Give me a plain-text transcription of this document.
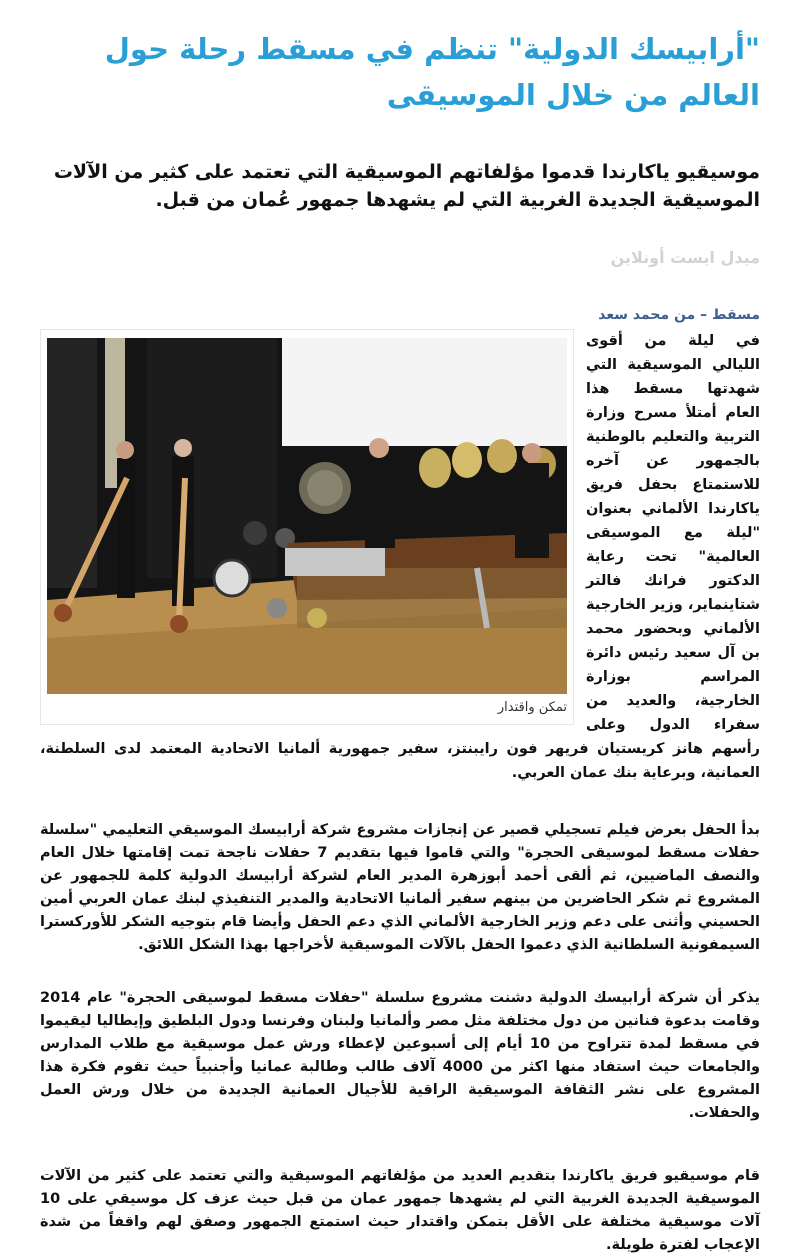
"أرابيسك الدولية" تنظم في مسقط رحلة حول العالم من خلال الموسيقى

موسيقيو ياكارندا قدموا مؤلفاتهم الموسيقية التي تعتمد على كثير من الآلات الموسيقية الجديدة الغربية التي لم يشهدها جمهور عُمان من قبل.

ميدل ايست أونلاين
مسقط – من محمد سعد
تمكن واقتدار

في ليلة من أقوى الليالي الموسيقية التي شهدتها مسقط هذا العام أمتلأ مسرح وزارة التربية والتعليم بالوطنية بالجمهور عن آخره للاستمتاع بحفل فريق ياكارندا الألماني بعنوان "ليلة مع الموسيقى العالمية" تحت رعاية الدكتور فرانك فالتر شتاينماير، وزير الخارجية الألماني وبحضور محمد بن آل سعيد رئيس دائرة المراسم بوزارة الخارجية، والعديد من سفراء الدول وعلى رأسهم هانز كريستيان فريهر فون رايبنتز، سفير جمهورية ألمانيا الاتحادية المعتمد لدى السلطنة، العمانية، وبرعاية بنك عمان العربي.

بدأ الحفل بعرض فيلم تسجيلي قصير عن إنجازات مشروع شركة أرابيسك الموسيقي التعليمي "سلسلة حفلات مسقط لموسيقى الحجرة" والتي قاموا فيها بتقديم 7 حفلات ناجحة تمت إقامتها خلال العام والنصف الماضيين، ثم ألقى أحمد أبوزهرة المدير العام لشركة أرابيسك الدولية كلمة للجمهور عن المشروع ثم شكر الحاضرين من بينهم سفير ألمانيا الاتحادية والمدير التنفيذي لبنك عمان العربي أمين الحسيني وأثنى على دعم وزير الخارجية الألماني الذي دعم الحفل وأيضا قام بتوجيه الشكر للأوركسترا السيمفونية السلطانية الذي دعموا الحفل بالآلات الموسيقية لأخراجها بهذا الشكل اللائق.

يذكر أن شركة أرابيسك الدولية دشنت مشروع سلسلة "حفلات مسقط لموسيقى الحجرة" عام 2014 وقامت بدعوة فنانين من دول مختلفة مثل مصر وألمانيا ولبنان وفرنسا ودول البلطيق وإيطاليا ليقيموا في مسقط لمدة تتراوح من 10 أيام إلى أسبوعين لإعطاء ورش عمل موسيقية مع طلاب المدارس والجامعات حيث استفاد منها اكثر من 4000 آلاف طالب وطالبة عمانيا وأجنبياً حيث تقوم فكرة هذا المشروع على نشر الثقافة الموسيقية الراقية للأجيال العمانية الجديدة من خلال ورش العمل والحفلات.

قام موسيقيو فريق ياكارندا بتقديم العديد من مؤلفاتهم الموسيقية والتي تعتمد على كثير من الآلات الموسيقية الجديدة الغربية التي لم يشهدها جمهور عمان من قبل حيث عزف كل موسيقي على 10 آلات موسيقية مختلفة على الأقل بتمكن واقتدار حيث استمتع الجمهور وصفق لهم واقفاً من شدة الإعجاب لفترة طويلة.
